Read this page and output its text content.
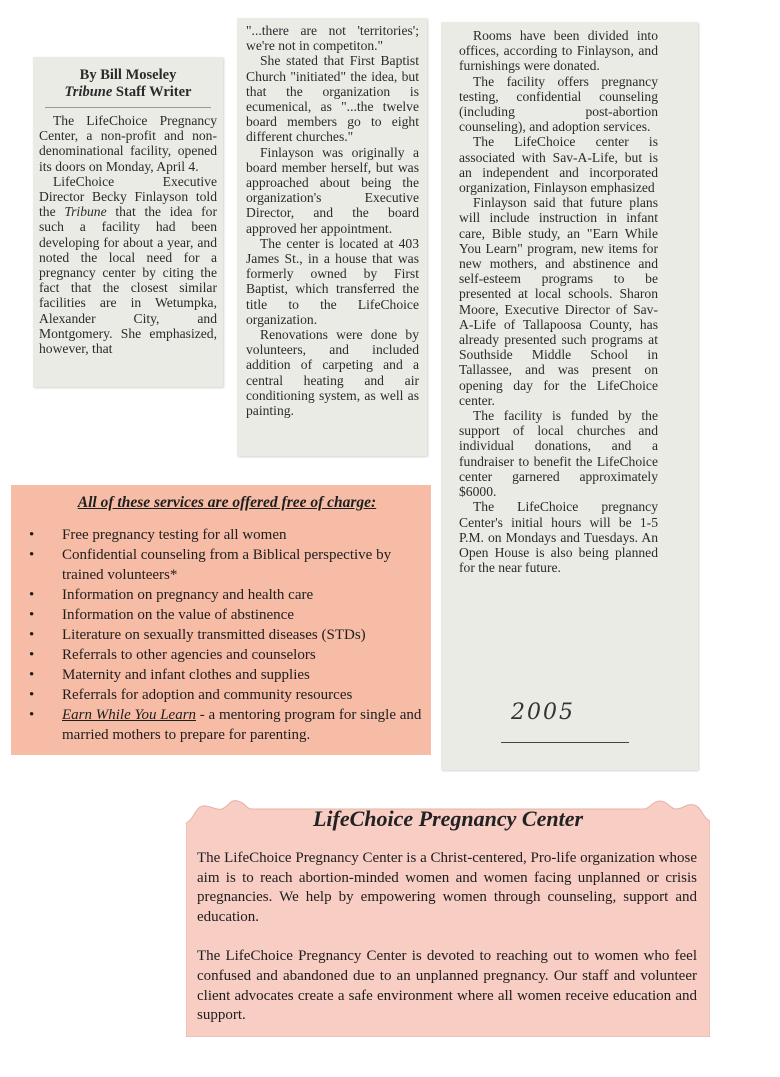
By Bill Moseley
Tribune Staff Writer

The LifeChoice Pregnancy Center, a non-profit and non-denominational facility, opened its doors on Monday, April 4.

LifeChoice Executive Director Becky Finlayson told the Tribune that the idea for such a facility had been developing for about a year, and noted the local need for a pregnancy center by citing the fact that the closest similar facilities are in Wetumpka, Alexander City, and Montgomery. She emphasized, however, that

"...there are not 'territories'; we're not in competiton."

She stated that First Baptist Church "initiated" the idea, but that the organization is ecumenical, as "...the twelve board members go to eight different churches."

Finlayson was originally a board member herself, but was approached about being the organization's Executive Director, and the board approved her appointment.

The center is located at 403 James St., in a house that was formerly owned by First Baptist, which transferred the title to the LifeChoice organization.

Renovations were done by volunteers, and included addition of carpeting and a central heating and air conditioning system, as well as painting.

Rooms have been divided into offices, according to Finlayson, and furnishings were donated.

The facility offers pregnancy testing, confidential counseling (including post-abortion counseling), and adoption services.

The LifeChoice center is associated with Sav-A-Life, but is an independent and incorporated organization, Finlayson emphasized

Finlayson said that future plans will include instruction in infant care, Bible study, an "Earn While You Learn" program, new items for new mothers, and abstinence and self-esteem programs to be presented at local schools. Sharon Moore, Executive Director of Sav-A-Life of Tallapoosa County, has already presented such programs at Southside Middle School in Tallassee, and was present on opening day for the LifeChoice center.

The facility is funded by the support of local churches and individual donations, and a fundraiser to benefit the LifeChoice center garnered approximately $6000.

The LifeChoice pregnancy Center's initial hours will be 1-5 P.M. on Mondays and Tuesdays. An Open House is also being planned for the near future.

2005
All of these services are offered free of charge:
• Free pregnancy testing for all women
• Confidential counseling from a Biblical perspective by trained volunteers*
• Information on pregnancy and health care
• Information on the value of abstinence
• Literature on sexually transmitted diseases (STDs)
• Referrals to other agencies and counselors
• Maternity and infant clothes and supplies
• Referrals for adoption and community resources
• Earn While You Learn - a mentoring program for single and married mothers to prepare for parenting.
LifeChoice Pregnancy Center

The LifeChoice Pregnancy Center is a Christ-centered, Pro-life organization whose aim is to reach abortion-minded women and women facing unplanned or crisis pregnancies. We help by empowering women through counseling, support and education.

The LifeChoice Pregnancy Center is devoted to reaching out to women who feel confused and abandoned due to an unplanned pregnancy. Our staff and volunteer client advocates create a safe environment where all women receive education and support.
